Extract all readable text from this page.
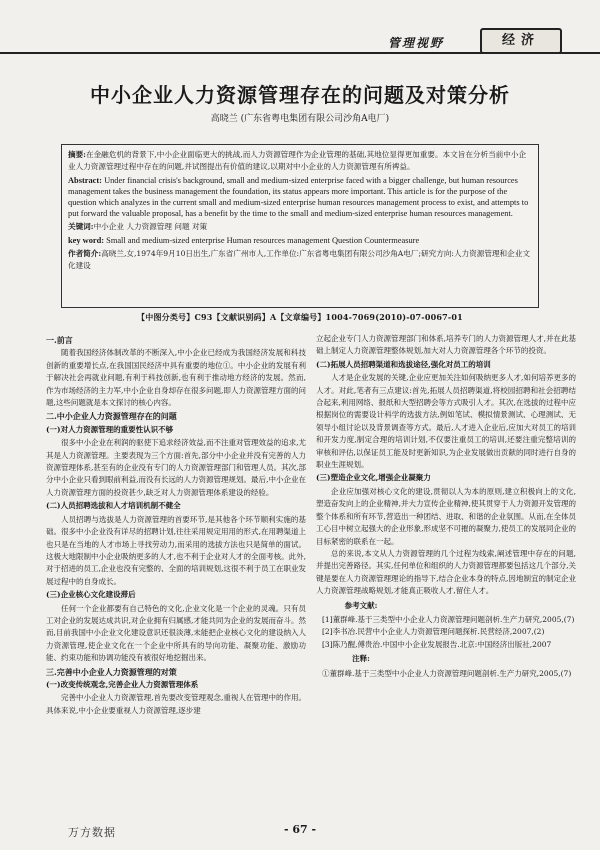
管理视野	经济
中小企业人力资源管理存在的问题及对策分析
高晓兰 (广东省粤电集团有限公司沙角A电厂)

摘要:在金融危机的背景下,中小企业面临更大的挑战,而人力资源管理作为企业管理的基础,其地位显得更加重要。本文旨在分析当前中小企业人力资源管理过程中存在的问题,并试图提出有价值的建议,以期对中小企业的人力资源管理有所裨益。

Abstract: Under financial crisis's background, small and medium-sized enterprise faced with a bigger challenge, but human resources management takes the business management the foundation, its status appears more important. This article is for the purpose of the question which analyzes in the current small and medium-sized enterprise human resources management process to exist, and attempts to put forward the valuable proposal, has a benefit by the time to the small and medium-sized enterprise human resources management.

关键词:中小企业 人力资源管理 问题 对策

key word: Small and medium-sized enterprise Human resources management Question Countermeasure

作者简介:高晓兰,女,1974年9月10日出生,广东省广州市人,工作单位:广东省粤电集团有限公司沙角A电厂;研究方向:人力资源管理和企业文化建设

【中图分类号】C93【文献识别码】A【文章编号】1004-7069(2010)-07-0067-01

一.前言

随着我国经济体制改革的不断深入,中小企业已经成为我国经济发展和科技创新的重要增长点,在我国国民经济中具有重要的地位①。中小企业的发展有利于解决社会再就业问题,有利于科技创新,也有利于推动地方经济的发展。然而,作为市场经济的主力军,中小企业自身却存在很多问题,即人力资源管理方面的问题,这些问题就是本文探讨的核心内容。

二.中小企业人力资源管理存在的问题

(一)对人力资源管理的重要性认识不够

很多中小企业在利润的驱使下追求经济效益,而不注重对管理效益的追求,尤其是人力资源管理。主要表现为三个方面:首先,部分中小企业并没有完善的人力资源管理体系,甚至有的企业没有专门的人力资源管理部门和管理人员。其次,部分中小企业只看到眼前利益,而没有长远的人力资源管理规划。最后,中小企业在人力资源管理方面的投资甚少,缺乏对人力资源管理体系建设的经验。

(二)人员招聘选拔和人才培训机制不健全

人员招聘与选拔是人力资源管理的首要环节,是其他各个环节顺利实施的基础。很多中小企业没有详尽的招聘计划,往往采用规定用用的形式,在用聘渠道上也只是在当地的人才市场上寻找劳动力,而采用的选拔方法也只是简单的面试。这极大地限制中小企业吸纳更多的人才,也不利于企业对人才的全面考核。此外,对于招进的员工,企业也没有完整的、全面的培训规划,这很不利于员工在职业发展过程中的自身成长。

(三)企业核心文化建设滞后

任何一个企业都要有自己特色的文化,企业文化是一个企业的灵魂。只有员工对企业的发展达成共识,对企业拥有归属感,才能共同为企业的发展而奋斗。然而,目前我国中小企业文化建设意识还很淡薄,未能把企业核心文化的建设纳入人力资源管理,使企业文化在一个企业中所具有的导向功能、凝聚功能、激励功能、约束功能和协调功能没有被很好地挖掘出来。

三.完善中小企业人力资源管理的对策

(一)改变传统观念,完善企业人力资源管理体系

完善中小企业人力资源管理,首先要改变管理观念,重视人在管理中的作用。具体来说,中小企业要重视人力资源管理,逐步建

立起企业专门人力资源管理部门和体系,培养专门的人力资源管理人才,并在此基础上制定人力资源管理整体规划,加大对人力资源管理各个环节的投资。

(二)拓展人员招聘渠道和选拔途径,强化对员工的培训

人才是企业发展的关键,企业应更加关注如何吸纳更多人才,如何培养更多的人才。对此,笔者有三点建议:首先,拓展人员招聘渠道,将校园招聘和社会招聘结合起来,利用网络、报纸和大型招聘会等方式吸引人才。其次,在选拔的过程中应根据岗位的需要设计科学的选拔方法,例如笔试、模拟情景测试、心理测试、无领导小组讨论以及背景调查等方式。最后,人才进入企业后,应加大对员工的培训和开发力度,制定合理的培训计划,不仅要注重员工的培训,还要注重完整培训的审核和评估,以保证员工能及时更新知识,为企业发展做出贡献的同时进行自身的职业生涯规划。

(三)塑造企业文化,增强企业凝聚力

企业应加强对核心文化的建设,贯彻以人为本的原则,建立积极向上的文化,塑造奋发向上的企业精神,并大力宣传企业精神,使其贯穿于人力资源开发管理的整个体系和所有环节,营造出一种团结、进取、和谐的企业氛围。从而,在全体员工心目中树立起强大的企业形象,形成坚不可摧的凝聚力,使员工的发展同企业的目标紧密的联系在一起。

总的来说,本文从人力资源管理的几个过程为线索,阐述管理中存在的问题,并提出完善路径。其实,任何单位和组织的人力资源管理都要包括这几个部分,关键是要在人力资源管理理论的指导下,结合企业本身的特点,因地制宜的制定企业人力资源管理战略规划,才能真正吸收人才,留住人才。

参考文献:

[1]董群峰.基于三类型中小企业人力资源管理问题剖析.生产力研究,2005,(7)

[2]李书冶.民营中小企业人力资源管理问题探析.民营经济,2007,(2)

[3]陈乃醒,傅贵治.中国中小企业发展报告.北京:中国经济出版社,2007

注释:

①董群峰.基于三类型中小企业人力资源管理问题剖析.生产力研究,2005,(7)

万方数据	- 67 -
